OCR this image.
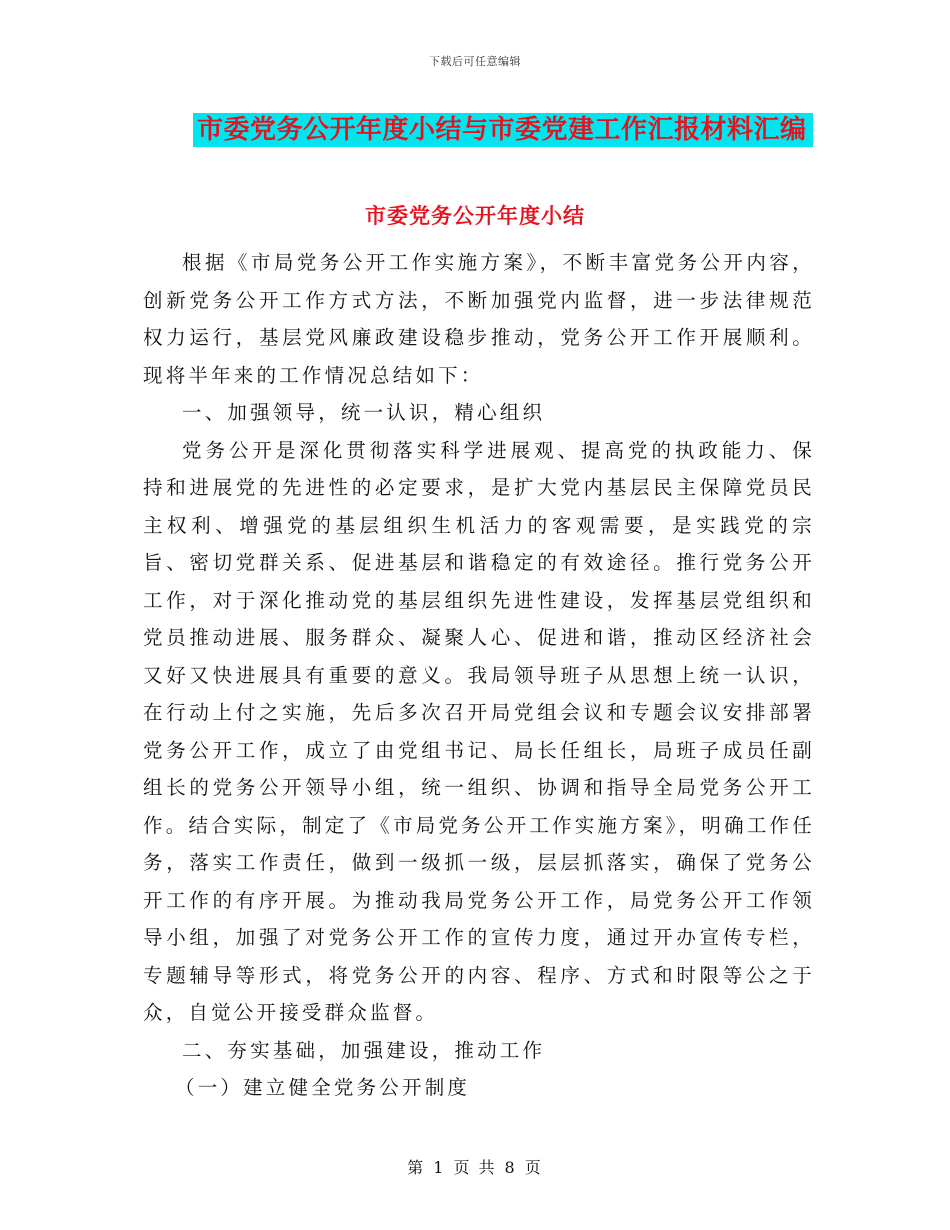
下载后可任意编辑
市委党务公开年度小结与市委党建工作汇报材料汇编
市委党务公开年度小结

根据《市局党务公开工作实施方案》，不断丰富党务公开内容，创新党务公开工作方式方法，不断加强党内监督，进一步法律规范权力运行，基层党风廉政建设稳步推动，党务公开工作开展顺利。现将半年来的工作情况总结如下：

一、加强领导，统一认识，精心组织

党务公开是深化贯彻落实科学进展观、提高党的执政能力、保持和进展党的先进性的必定要求，是扩大党内基层民主保障党员民主权利、增强党的基层组织生机活力的客观需要，是实践党的宗旨、密切党群关系、促进基层和谐稳定的有效途径。推行党务公开工作，对于深化推动党的基层组织先进性建设，发挥基层党组织和党员推动进展、服务群众、凝聚人心、促进和谐，推动区经济社会又好又快进展具有重要的意义。我局领导班子从思想上统一认识，在行动上付之实施，先后多次召开局党组会议和专题会议安排部署党务公开工作，成立了由党组书记、局长任组长，局班子成员任副组长的党务公开领导小组，统一组织、协调和指导全局党务公开工作。结合实际，制定了《市局党务公开工作实施方案》，明确工作任务，落实工作责任，做到一级抓一级，层层抓落实，确保了党务公开工作的有序开展。为推动我局党务公开工作，局党务公开工作领导小组，加强了对党务公开工作的宣传力度，通过开办宣传专栏，专题辅导等形式，将党务公开的内容、程序、方式和时限等公之于众，自觉公开接受群众监督。

二、夯实基础，加强建设，推动工作

（一）建立健全党务公开制度

第 1 页 共 8 页
